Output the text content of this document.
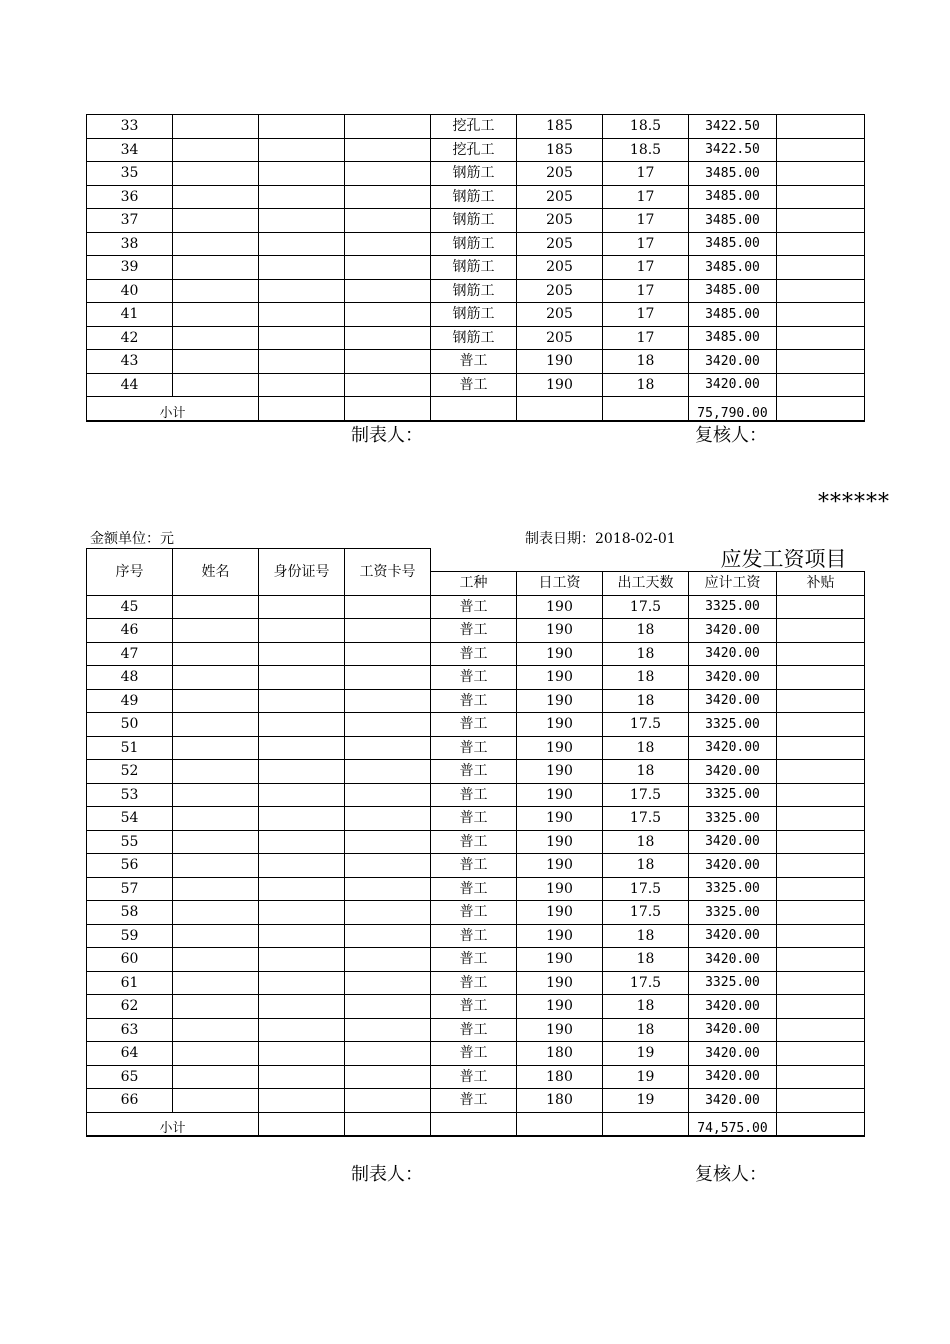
33				挖孔工	185	18.5	3422.50	
34				挖孔工	185	18.5	3422.50	
35				钢筋工	205	17	3485.00	
36				钢筋工	205	17	3485.00	
37				钢筋工	205	17	3485.00	
38				钢筋工	205	17	3485.00	
39				钢筋工	205	17	3485.00	
40				钢筋工	205	17	3485.00	
41				钢筋工	205	17	3485.00	
42				钢筋工	205	17	3485.00	
43				普工	190	18	3420.00	
44				普工	190	18	3420.00	
小计							75,790.00	
制表人：	复核人：
******
金额单位：元	制表日期：2018-02-01
序号	姓名	身份证号	工资卡号	应发工资项目				
				工种	日工资	出工天数	应计工资	补贴
45				普工	190	17.5	3325.00	
46				普工	190	18	3420.00	
47				普工	190	18	3420.00	
48				普工	190	18	3420.00	
49				普工	190	18	3420.00	
50				普工	190	17.5	3325.00	
51				普工	190	18	3420.00	
52				普工	190	18	3420.00	
53				普工	190	17.5	3325.00	
54				普工	190	17.5	3325.00	
55				普工	190	18	3420.00	
56				普工	190	18	3420.00	
57				普工	190	17.5	3325.00	
58				普工	190	17.5	3325.00	
59				普工	190	18	3420.00	
60				普工	190	18	3420.00	
61				普工	190	17.5	3325.00	
62				普工	190	18	3420.00	
63				普工	190	18	3420.00	
64				普工	180	19	3420.00	
65				普工	180	19	3420.00	
66				普工	180	19	3420.00	
小计							74,575.00	
制表人：	复核人：
